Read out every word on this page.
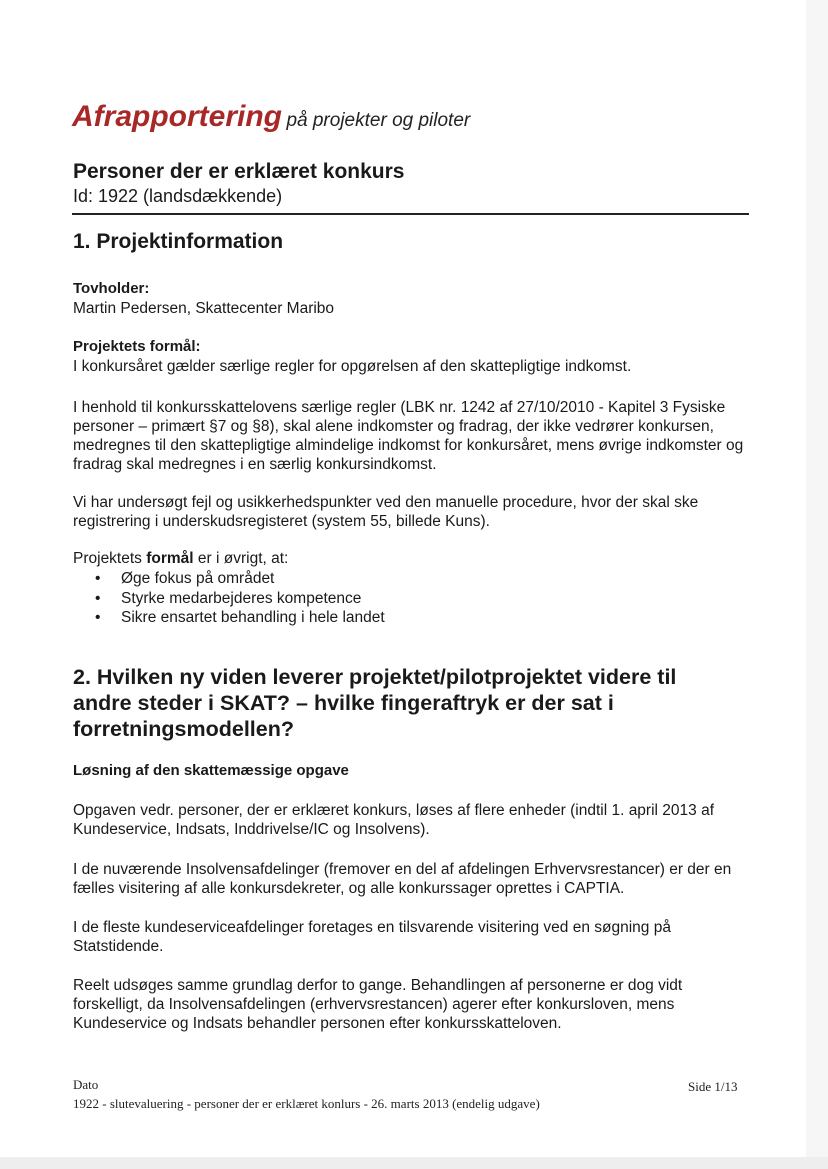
Afrapportering på projekter og piloter
Personer der er erklæret konkurs
Id: 1922 (landsdækkende)
1. Projektinformation
Tovholder:
Martin Pedersen, Skattecenter Maribo
Projektets formål:
I konkursåret gælder særlige regler for opgørelsen af den skattepligtige indkomst.
I henhold til konkursskattelovens særlige regler (LBK nr. 1242 af 27/10/2010 - Kapitel 3 Fysiske personer – primært §7 og §8), skal alene indkomster og fradrag, der ikke vedrører konkursen, medregnes til den skattepligtige almindelige indkomst for konkursåret, mens øvrige indkomster og fradrag skal medregnes i en særlig konkursindkomst.
Vi har undersøgt fejl og usikkerhedspunkter ved den manuelle procedure, hvor der skal ske registrering i underskudsregisteret (system 55, billede Kuns).
Projektets formål er i øvrigt, at:
• Øge fokus på området
• Styrke medarbejderes kompetence
• Sikre ensartet behandling i hele landet
2. Hvilken ny viden leverer projektet/pilotprojektet videre til andre steder i SKAT? – hvilke fingeraftryk er der sat i forretningsmodellen?
Løsning af den skattemæssige opgave
Opgaven vedr. personer, der er erklæret konkurs, løses af flere enheder (indtil 1. april 2013 af Kundeservice, Indsats, Inddrivelse/IC og Insolvens).
I de nuværende Insolvensafdelinger (fremover en del af afdelingen Erhvervsrestancer) er der en fælles visitering af alle konkursdekreter, og alle konkurssager oprettes i CAPTIA.
I de fleste kundeserviceafdelinger foretages en tilsvarende visitering ved en søgning på Statstidende.
Reelt udsøges samme grundlag derfor to gange. Behandlingen af personerne er dog vidt forskelligt, da Insolvensafdelingen (erhvervsrestancen) agerer efter konkursloven, mens Kundeservice og Indsats behandler personen efter konkursskatteloven.
Dato
1922 - slutevaluering - personer der er erklæret konlurs - 26. marts 2013 (endelig udgave)
Side 1/13
